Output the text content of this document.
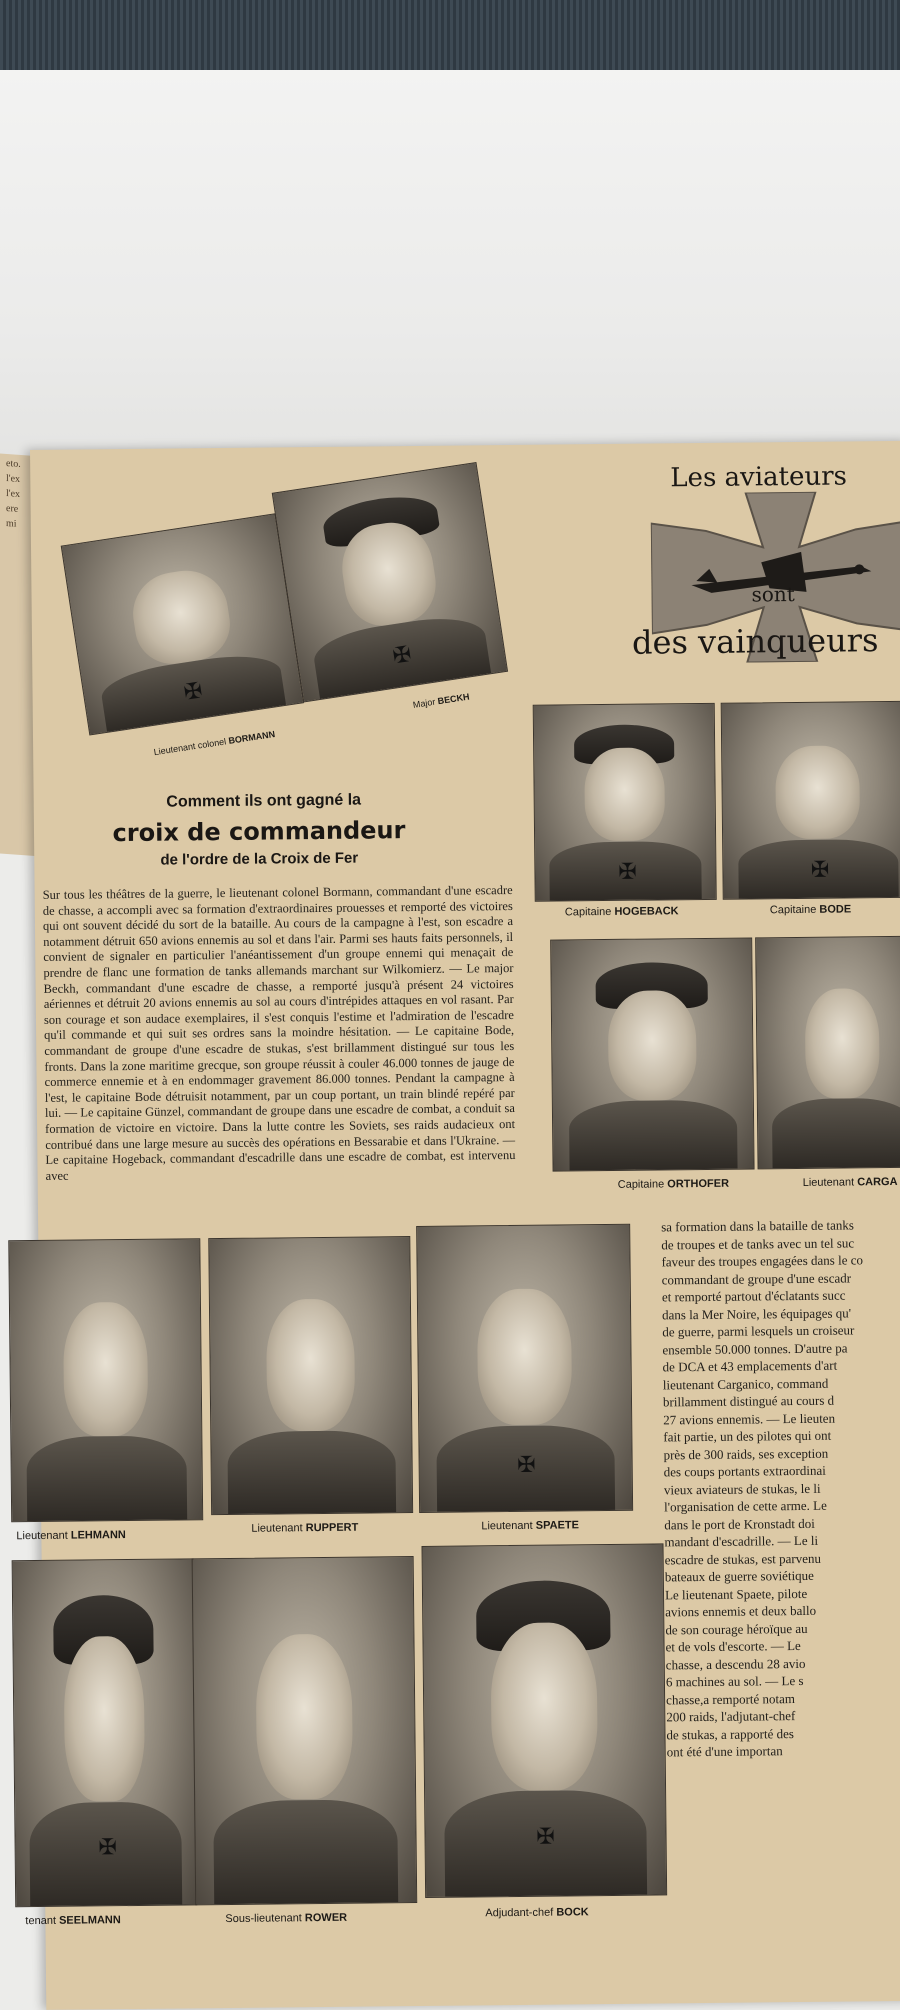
eto.
l'ex
l'ex
ere
mi
Les aviateurs
sont
des vainqueurs
✠
Lieutenant colonel BORMANN
✠
Major BECKH
Comment ils ont gagné la
croix de commandeur
de l'ordre de la Croix de Fer
Sur tous les théâtres de la guerre, le lieutenant colonel Bormann, commandant d'une escadre de chasse, a accompli avec sa formation d'extraordinaires prouesses et remporté des victoires qui ont souvent décidé du sort de la bataille. Au cours de la campagne à l'est, son escadre a notamment détruit 650 avions ennemis au sol et dans l'air. Parmi ses hauts faits personnels, il convient de signaler en particulier l'anéantissement d'un groupe ennemi qui menaçait de prendre de flanc une formation de tanks allemands marchant sur Wilkomierz. — Le major Beckh, commandant d'une escadre de chasse, a remporté jusqu'à présent 24 victoires aériennes et détruit 20 avions ennemis au sol au cours d'intrépides attaques en vol rasant. Par son courage et son audace exemplaires, il s'est conquis l'estime et l'admiration de l'escadre qu'il commande et qui suit ses ordres sans la moindre hésitation. — Le capitaine Bode, commandant de groupe d'une escadre de stukas, s'est brillamment distingué sur tous les fronts. Dans la zone maritime grecque, son groupe réussit à couler 46.000 tonnes de jauge de commerce ennemie et à en endommager gravement 86.000 tonnes. Pendant la campagne à l'est, le capitaine Bode détruisit notamment, par un coup portant, un train blindé repéré par lui. — Le capitaine Günzel, commandant de groupe dans une escadre de combat, a conduit sa formation de victoire en victoire. Dans la lutte contre les Soviets, ses raids audacieux ont contribué dans une large mesure au succès des opérations en Bessarabie et dans l'Ukraine. — Le capitaine Hogeback, commandant d'escadrille dans une escadre de combat, est intervenu avec
✠
Capitaine HOGEBACK
✠
Capitaine BODE
Capitaine ORTHOFER	Lieutenant CARGA
Lieutenant LEHMANN
Lieutenant RUPPERT
✠
Lieutenant SPAETE
✠
tenant SEELMANN	Sous-lieutenant ROWER
✠
Adjudant-chef BOCK
sa formation dans la bataille de tanks
de troupes et de tanks avec un tel suc
faveur des troupes engagées dans le co
commandant de groupe d'une escadr
et remporté partout d'éclatants succ
dans la Mer Noire, les équipages qu'
de guerre, parmi lesquels un croiseur
ensemble 50.000 tonnes. D'autre pa
de DCA et 43 emplacements d'art
lieutenant Carganico, command
brillamment distingué au cours d
27 avions ennemis. — Le lieuten
fait partie, un des pilotes qui ont
près de 300 raids, ses exception
des coups portants extraordinai
vieux aviateurs de stukas, le li
l'organisation de cette arme. Le
dans le port de Kronstadt doi
mandant d'escadrille. — Le li
escadre de stukas, est parvenu
bateaux de guerre soviétique
Le lieutenant Spaete, pilote
avions ennemis et deux ballo
de son courage héroïque au
et de vols d'escorte. — Le
chasse, a descendu 28 avio
6 machines au sol. — Le s
chasse,a remporté notam
200 raids, l'adjutant-chef
de stukas, a rapporté des
ont été d'une importan
